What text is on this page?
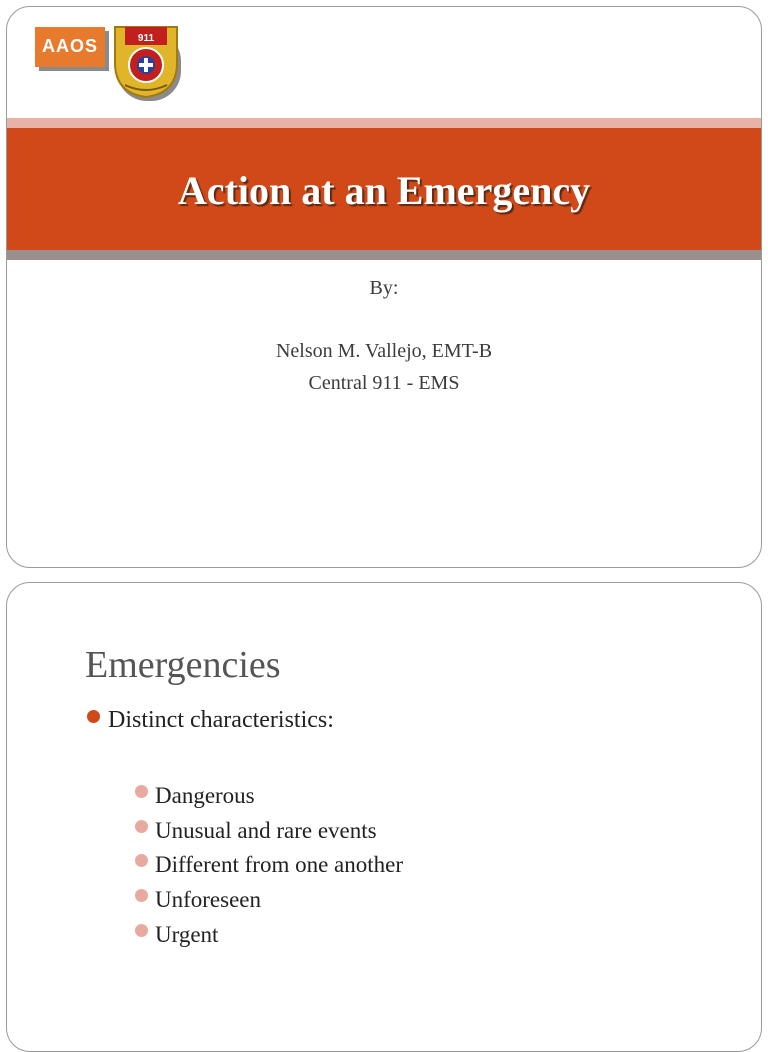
AAOS	911
Action at an Emergency
By:
Nelson M. Vallejo, EMT-B
Central 911 - EMS
Emergencies
Distinct characteristics:
Dangerous
Unusual and rare events
Different from one another
Unforeseen
Urgent
